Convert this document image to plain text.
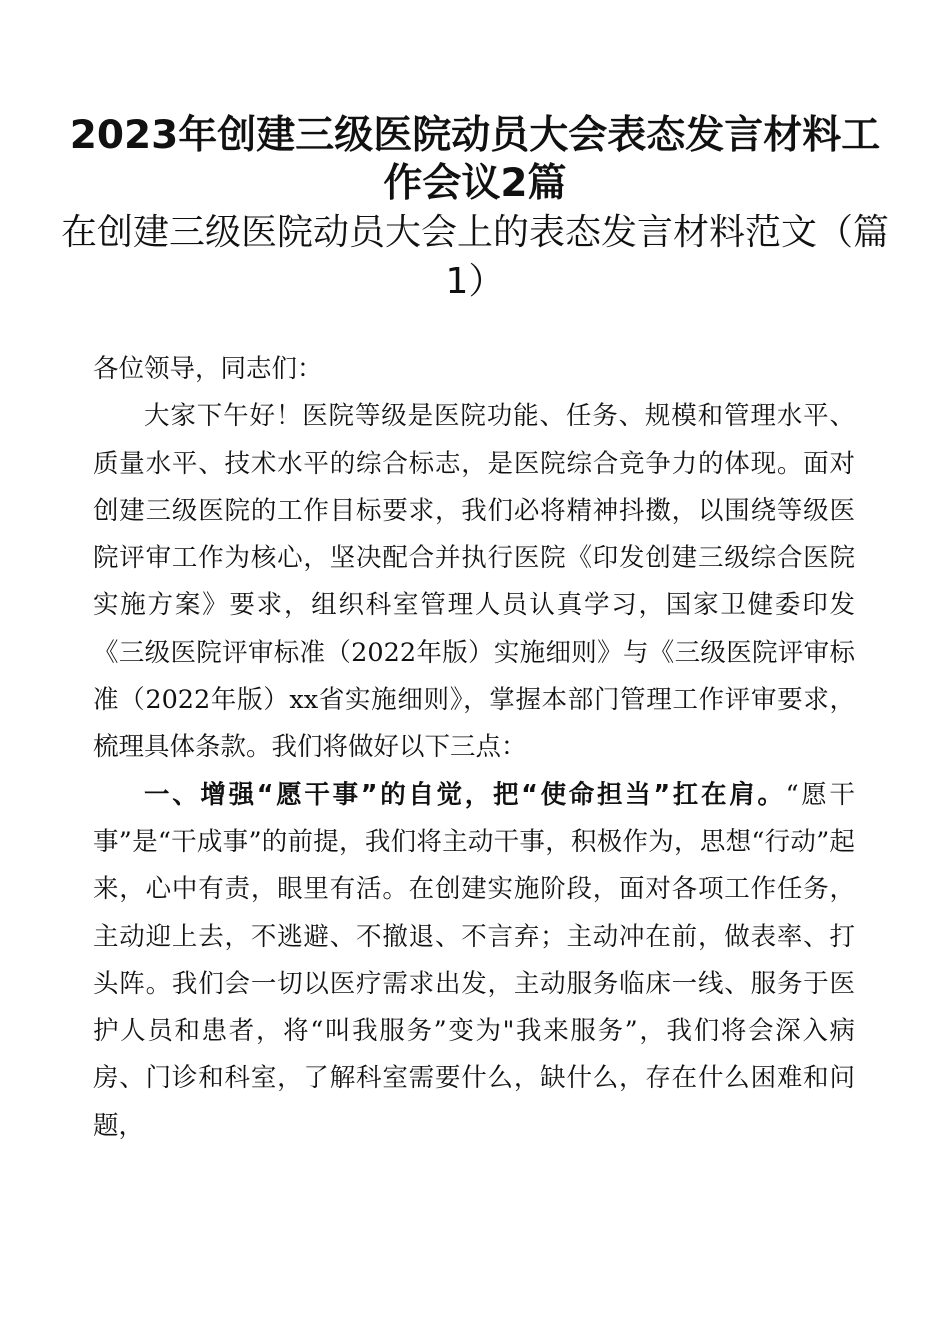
2023年创建三级医院动员大会表态发言材料工作会议2篇
在创建三级医院动员大会上的表态发言材料范文（篇1）

各位领导，同志们：

大家下午好！医院等级是医院功能、任务、规模和管理水平、质量水平、技术水平的综合标志，是医院综合竞争力的体现。面对创建三级医院的工作目标要求，我们必将精神抖擞，以围绕等级医院评审工作为核心，坚决配合并执行医院《印发创建三级综合医院实施方案》要求，组织科室管理人员认真学习，国家卫健委印发《三级医院评审标准（2022年版）实施细则》与《三级医院评审标准（2022年版）xx省实施细则》，掌握本部门管理工作评审要求，梳理具体条款。我们将做好以下三点：

一、增强“愿干事”的自觉，把“使命担当”扛在肩。“愿干事”是“干成事”的前提，我们将主动干事，积极作为，思想“行动”起来，心中有责，眼里有活。在创建实施阶段，面对各项工作任务，主动迎上去，不逃避、不撤退、不言弃；主动冲在前，做表率、打头阵。我们会一切以医疗需求出发，主动服务临床一线、服务于医护人员和患者，将“叫我服务”变为"我来服务”，我们将会深入病房、门诊和科室，了解科室需要什么，缺什么，存在什么困难和问题，
